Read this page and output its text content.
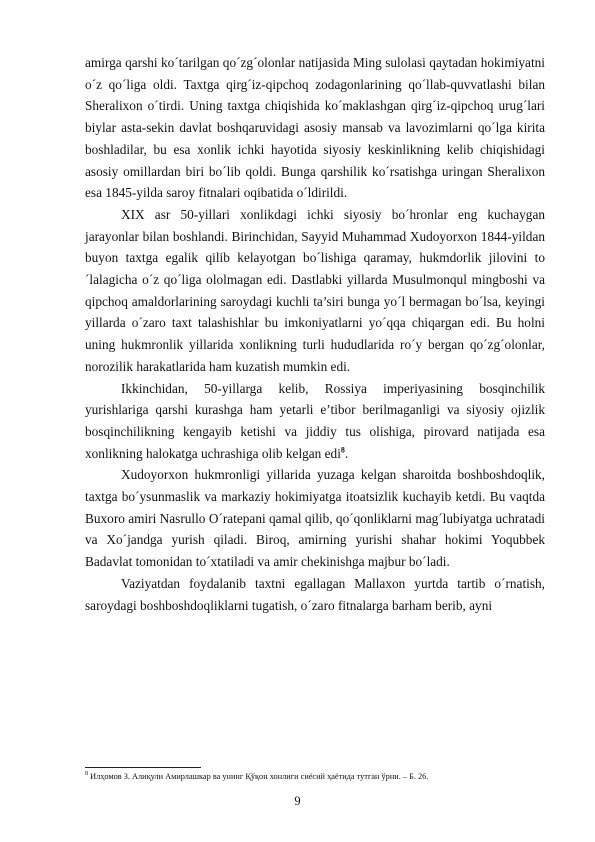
amirga qarshi ko´tarilgan qo´zg´olonlar natijasida Ming sulolasi qaytadan hokimiyatni o´z qo´liga oldi. Taxtga qirg´iz-qipchoq zodagonlarining qo´llab-quvvatlashi bilan Sheralixon o´tirdi. Uning taxtga chiqishida ko´maklashgan qirg´iz-qipchoq urug´lari biylar asta-sekin davlat boshqaruvidagi asosiy mansab va lavozimlarni qo´lga kirita boshladilar, bu esa xonlik ichki hayotida siyosiy keskinlikning kelib chiqishidagi asosiy omillardan biri bo´lib qoldi. Bunga qarshilik ko´rsatishga uringan Sheralixon esa 1845-yilda saroy fitnalari oqibatida o´ldirildi.

XIX asr 50-yillari xonlikdagi ichki siyosiy bo´hronlar eng kuchaygan jarayonlar bilan boshlandi. Birinchidan, Sayyid Muhammad Xudoyorxon 1844-yildan buyon taxtga egalik qilib kelayotgan bo´lishiga qaramay, hukmdorlik jilovini to´lalagicha o´z qo´liga ololmagan edi. Dastlabki yillarda Musulmonqul mingboshi va qipchoq amaldorlarining saroydagi kuchli ta’siri bunga yo´l bermagan bo´lsa, keyingi yillarda o´zaro taxt talashishlar bu imkoniyatlarni yo´qqa chiqargan edi. Bu holni uning hukmronlik yillarida xonlikning turli hududlarida ro´y bergan qo´zg´olonlar, norozilik harakatlarida ham kuzatish mumkin edi.

Ikkinchidan, 50-yillarga kelib, Rossiya imperiyasining bosqinchilik yurishlariga qarshi kurashga ham yetarli e’tibor berilmaganligi va siyosiy ojizlik bosqinchilikning kengayib ketishi va jiddiy tus olishiga, pirovard natijada esa xonlikning halokatga uchrashiga olib kelgan edi$^8$.

Xudoyorxon hukmronligi yillarida yuzaga kelgan sharoitda boshboshdoqlik, taxtga bo´ysunmaslik va markaziy hokimiyatga itoatsizlik kuchayib ketdi. Bu vaqtda Buxoro amiri Nasrullo O´ratepani qamal qilib, qo´qonliklarni mag´lubiyatga uchratadi va Xo´jandga yurish qiladi. Biroq, amirning yurishi shahar hokimi Yoqubbek Badavlat tomonidan to´xtatiladi va amir chekinishga majbur bo´ladi.

Vaziyatdan foydalanib taxtni egallagan Mallaxon yurtda tartib o´rnatish, saroydagi boshboshdoqliklarni tugatish, o´zaro fitnalarga barham berib, ayni

$^8$ Илҳомов З. Алиқули Амирлашкар ва унинг Қўқон хонлиги сиёсий ҳаётида тутган ўрни. – Б. 26.

9
